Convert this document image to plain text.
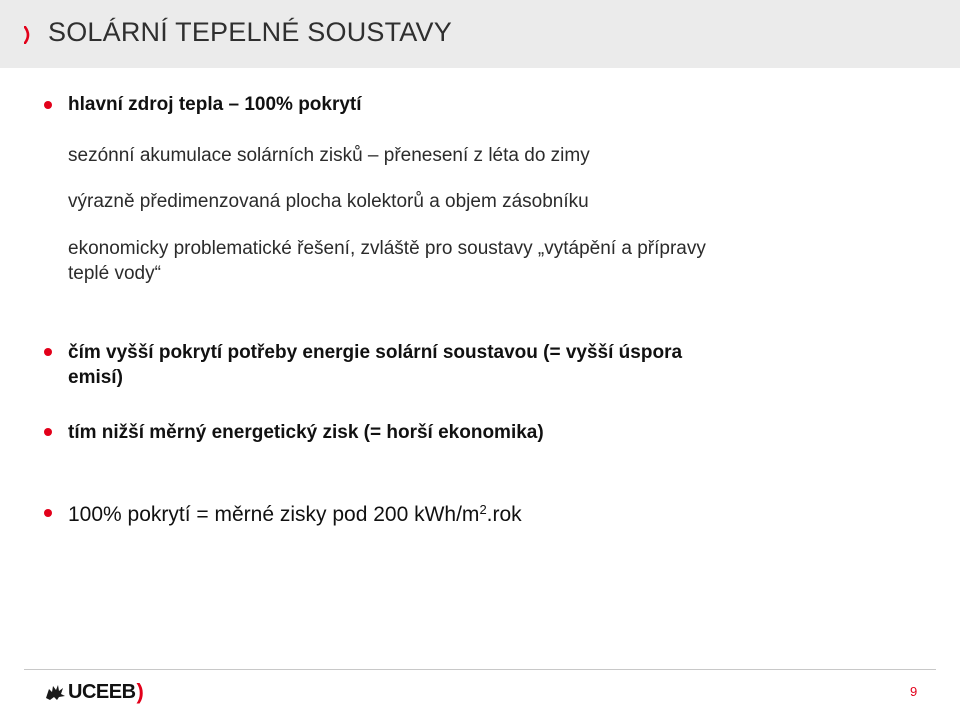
SOLÁRNÍ TEPELNÉ SOUSTAVY
hlavní zdroj tepla – 100% pokrytí
sezónní akumulace solárních zisků – přenesení z léta do zimy
výrazně předimenzovaná plocha kolektorů a objem zásobníku
ekonomicky problematické řešení, zvláště pro soustavy „vytápění a přípravy
teplé vody“
čím vyšší pokrytí potřeby energie solární soustavou (= vyšší úspora
emisí)
tím nižší měrný energetický zisk (= horší ekonomika)
100% pokrytí = měrné zisky pod 200 kWh/$m^2.rok$
UCEEB )	9
